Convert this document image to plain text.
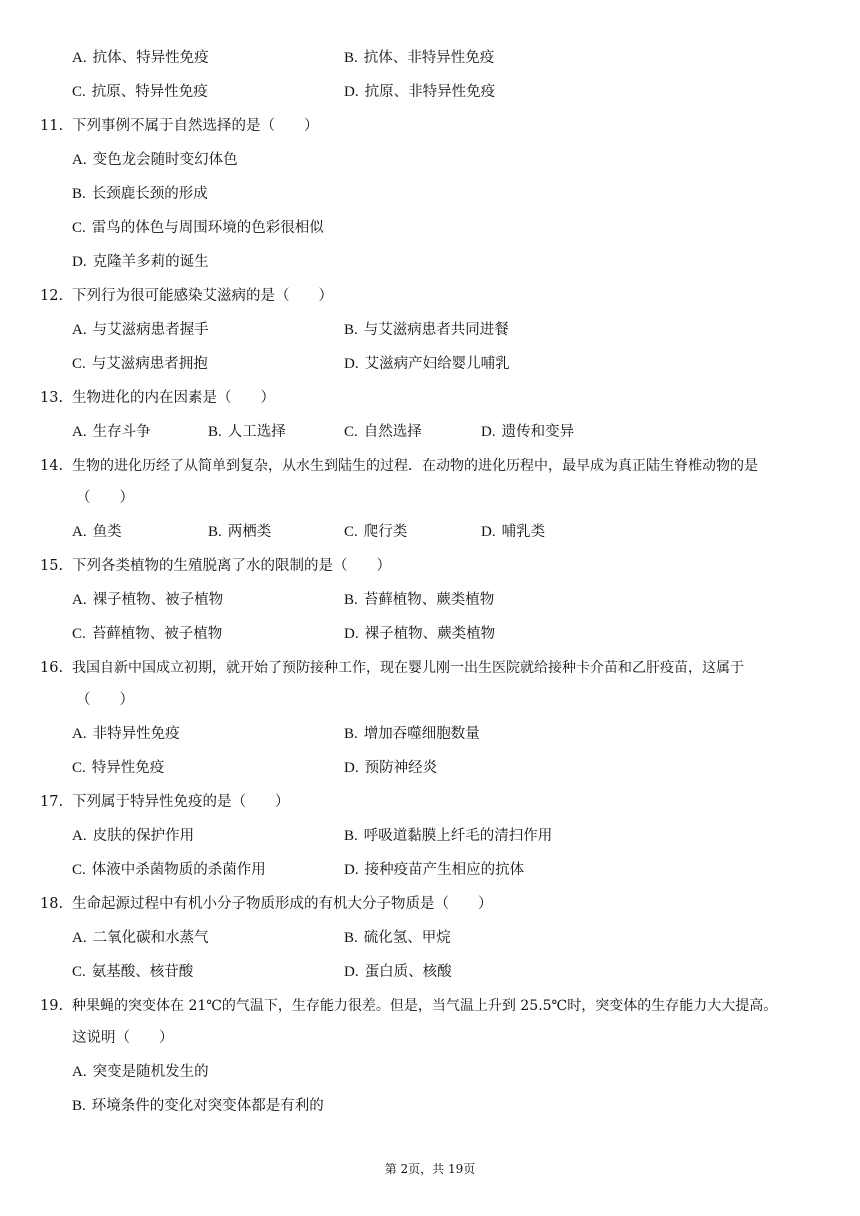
A. 抗体、特异性免疫	B. 抗体、非特异性免疫
C. 抗原、特异性免疫	D. 抗原、非特异性免疫
11. 下列事例不属于自然选择的是（　　）
A. 变色龙会随时变幻体色
B. 长颈鹿长颈的形成
C. 雷鸟的体色与周围环境的色彩很相似
D. 克隆羊多莉的诞生
12. 下列行为很可能感染艾滋病的是（　　）
A. 与艾滋病患者握手	B. 与艾滋病患者共同进餐
C. 与艾滋病患者拥抱	D. 艾滋病产妇给婴儿哺乳
13. 生物进化的内在因素是（　　）
A. 生存斗争	B. 人工选择	C. 自然选择	D. 遗传和变异
14. 生物的进化历经了从简单到复杂，从水生到陆生的过程．在动物的进化历程中，最早成为真正陆生脊椎动物的是
（　　）
A. 鱼类	B. 两栖类	C. 爬行类	D. 哺乳类
15. 下列各类植物的生殖脱离了水的限制的是（　　）
A. 裸子植物、被子植物	B. 苔藓植物、蕨类植物
C. 苔藓植物、被子植物	D. 裸子植物、蕨类植物
16. 我国自新中国成立初期，就开始了预防接种工作，现在婴儿刚一出生医院就给接种卡介苗和乙肝疫苗，这属于
（　　）
A. 非特异性免疫	B. 增加吞噬细胞数量
C. 特异性免疫	D. 预防神经炎
17. 下列属于特异性免疫的是（　　）
A. 皮肤的保护作用	B. 呼吸道黏膜上纤毛的清扫作用
C. 体液中杀菌物质的杀菌作用	D. 接种疫苗产生相应的抗体
18. 生命起源过程中有机小分子物质形成的有机大分子物质是（　　）
A. 二氧化碳和水蒸气	B. 硫化氢、甲烷
C. 氨基酸、核苷酸	D. 蛋白质、核酸
19. 种果蝇的突变体在 21℃的气温下，生存能力很差。但是，当气温上升到 25.5℃时，突变体的生存能力大大提高。
这说明（　　）
A. 突变是随机发生的
B. 环境条件的变化对突变体都是有利的
第 2页，共 19页
